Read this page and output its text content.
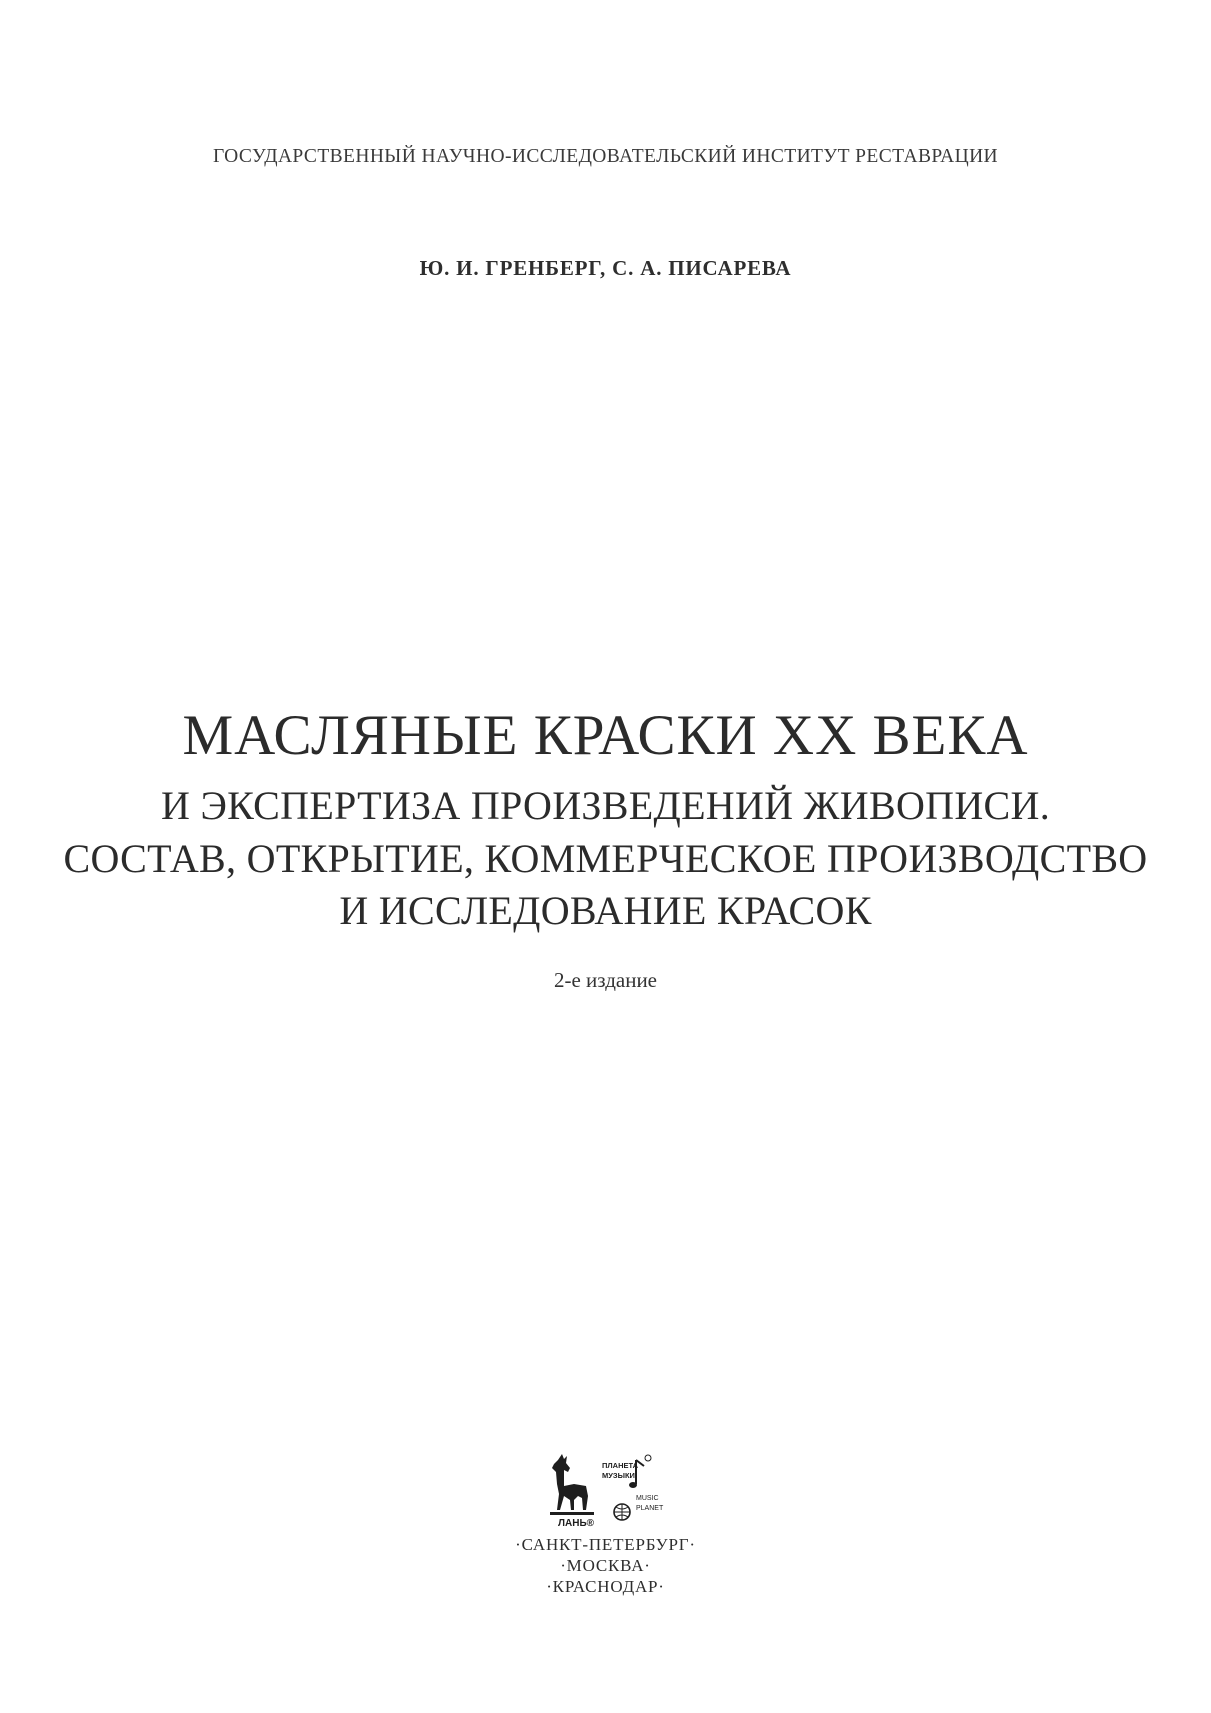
ГОСУДАРСТВЕННЫЙ НАУЧНО-ИССЛЕДОВАТЕЛЬСКИЙ ИНСТИТУТ РЕСТАВРАЦИИ
Ю. И. ГРЕНБЕРГ, С. А. ПИСАРЕВА
МАСЛЯНЫЕ КРАСКИ XX ВЕКА
И ЭКСПЕРТИЗА ПРОИЗВЕДЕНИЙ ЖИВОПИСИ.
СОСТАВ, ОТКРЫТИЕ, КОММЕРЧЕСКОЕ ПРОИЗВОДСТВО
И ИССЛЕДОВАНИЕ КРАСОК
2-е издание
ЛАНЬ®
ПЛАНЕТА
МУЗЫКИ
MUSIC
PLANET
·САНКТ-ПЕТЕРБУРГ·
·МОСКВА·
·КРАСНОДАР·
